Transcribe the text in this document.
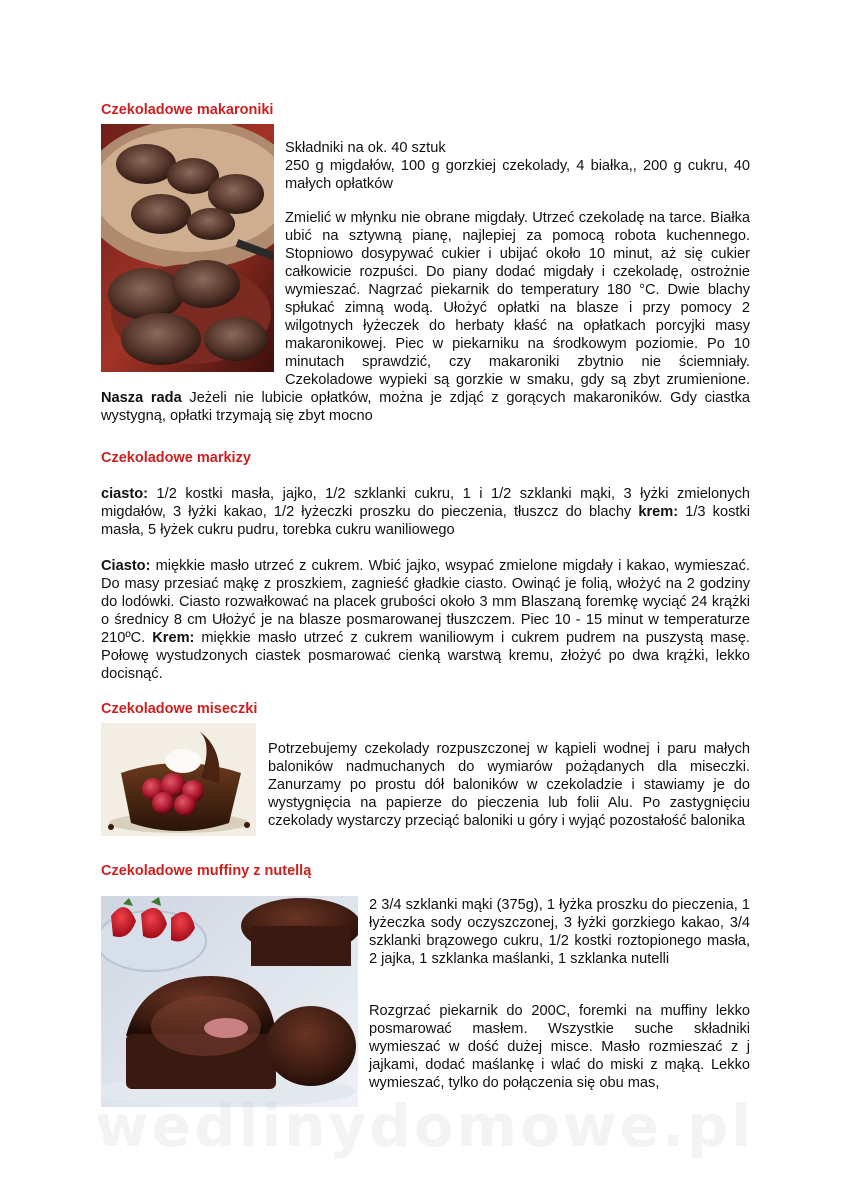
Czekoladowe makaroniki

Składniki na ok. 40 sztuk

250 g migdałów, 100 g gorzkiej czekolady, 4 białka,, 200 g cukru, 40 małych opłatków

Zmielić w młynku nie obrane migdały. Utrzeć czekoladę na tarce. Białka ubić na sztywną pianę, najlepiej za pomocą robota kuchennego. Stopniowo dosypywać cukier i ubijać około 10 minut, aż się cukier całkowicie rozpuści. Do piany dodać migdały i czekoladę, ostrożnie wymieszać. Nagrzać piekarnik do temperatury 180 °C. Dwie blachy spłukać zimną wodą. Ułożyć opłatki na blasze i przy pomocy 2 wilgotnych łyżeczek do herbaty kłaść na opłatkach porcyjki masy makaronikowej. Piec w piekarniku na środkowym poziomie. Po 10 minutach sprawdzić, czy makaroniki zbytnio nie ściemniały. Czekoladowe wypieki są gorzkie w smaku, gdy są zbyt zrumienione. Nasza rada Jeżeli nie lubicie opłatków, można je zdjąć z gorących makaroników. Gdy ciastka wystygną, opłatki trzymają się zbyt mocno
Czekoladowe markizy

ciasto: 1/2 kostki masła, jajko, 1/2 szklanki cukru, 1 i 1/2 szklanki mąki, 3 łyżki zmielonych migdałów, 3 łyżki kakao, 1/2 łyżeczki proszku do pieczenia, tłuszcz do blachy krem: 1/3 kostki masła, 5 łyżek cukru pudru, torebka cukru waniliowego

Ciasto: miękkie masło utrzeć z cukrem. Wbić jajko, wsypać zmielone migdały i kakao, wymieszać. Do masy przesiać mąkę z proszkiem, zagnieść gładkie ciasto. Owinąć je folią, włożyć na 2 godziny do lodówki. Ciasto rozwałkować na placek grubości około 3 mm Blaszaną foremkę wyciąć 24 krążki o średnicy 8 cm Ułożyć je na blasze posmarowanej tłuszczem. Piec 10 - 15 minut w temperaturze 210ºC. Krem: miękkie masło utrzeć z cukrem waniliowym i cukrem pudrem na puszystą masę. Połowę wystudzonych ciastek posmarować cienką warstwą kremu, złożyć po dwa krążki, lekko docisnąć.

Czekoladowe miseczki

Potrzebujemy czekolady rozpuszczonej w kąpieli wodnej i paru małych baloników nadmuchanych do wymiarów pożądanych dla miseczki. Zanurzamy po prostu dół baloników w czekoladzie i stawiamy je do wystygnięcia na papierze do pieczenia lub folii Alu. Po zastygnięciu czekolady wystarczy przeciąć baloniki u góry i wyjąć pozostałość balonika

Czekoladowe muffiny z nutellą

2 3/4 szklanki mąki (375g), 1 łyżka proszku do pieczenia, 1 łyżeczka sody oczyszczonej, 3 łyżki gorzkiego kakao, 3/4 szklanki brązowego cukru, 1/2 kostki roztopionego masła, 2 jajka, 1 szklanka maślanki, 1 szklanka nutelli

Rozgrzać piekarnik do 200C, foremki na muffiny lekko posmarować masłem. Wszystkie suche składniki wymieszać w dość dużej misce. Masło rozmieszać z j jajkami, dodać maślankę i wlać do miski z mąką. Lekko wymieszać, tylko do połączenia się obu mas,

wedlinydomowe.pl
